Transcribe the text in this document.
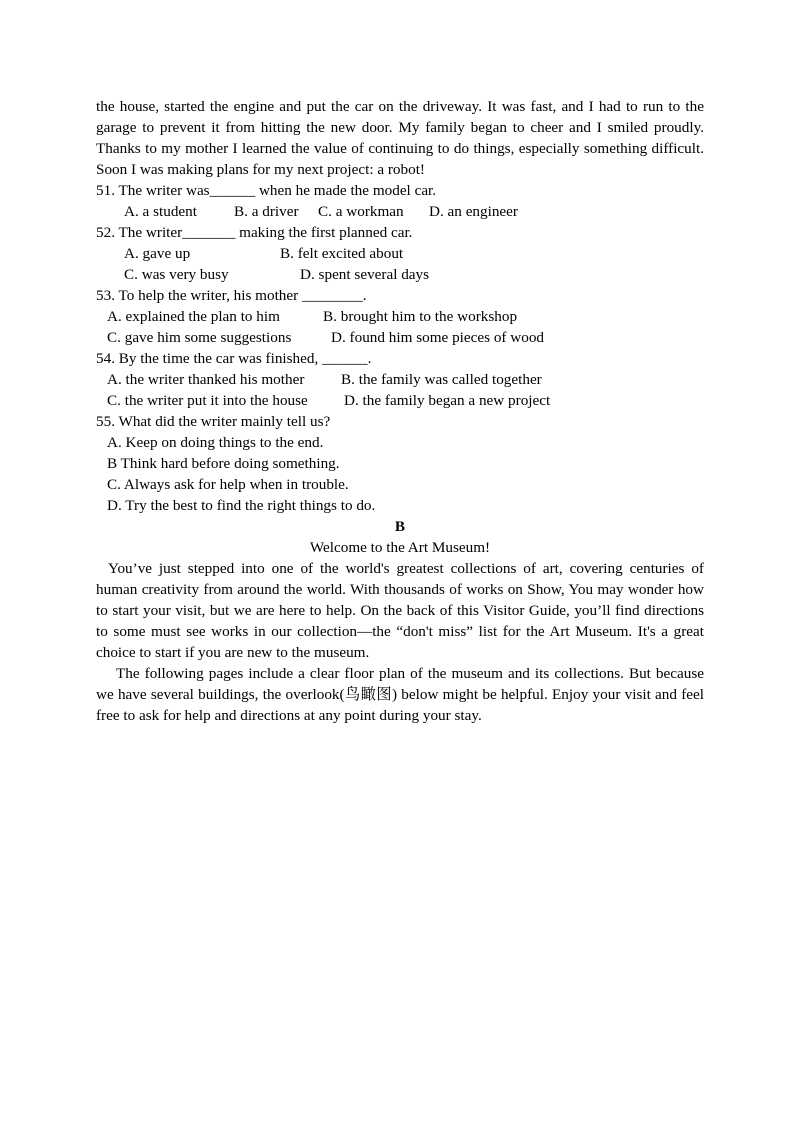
the house, started the engine and put the car on the driveway. It was fast, and I had to run to the garage to prevent it from hitting the new door. My family began to cheer and I smiled proudly. Thanks to my mother I learned the value of continuing to do things, especially something difficult. Soon I was making plans for my next project: a robot!

51. The writer was______ when he made the model car.

A. a student	B. a driver	C. a workman	D. an engineer

52. The writer_______ making the first planned car.

A. gave up	B. felt excited about
C. was very busy	D. spent several days

53. To help the writer, his mother ________.

A. explained the plan to him	B. brought him to the workshop
C. gave him some suggestions	D. found him some pieces of wood

54. By the time the car was finished, ______.

A. the writer thanked his mother	B. the family was called together
C. the writer put it into the house	D. the family began a new project

55. What did the writer mainly tell us?

A. Keep on doing things to the end.

B Think hard before doing something.

C. Always ask for help when in trouble.

D. Try the best to find the right things to do.

B

Welcome to the Art Museum!

You’ve just stepped into one of the world's greatest collections of art, covering centuries of human creativity from around the world. With thousands of works on Show, You may wonder how to start your visit, but we are here to help. On the back of this Visitor Guide, you’ll find directions to some must see works in our collection—the “don't miss” list for the Art Museum. It's a great choice to start if you are new to the museum.

The following pages include a clear floor plan of the museum and its collections. But because we have several buildings, the overlook(鸟瞰图) below might be helpful. Enjoy your visit and feel free to ask for help and directions at any point during your stay.
